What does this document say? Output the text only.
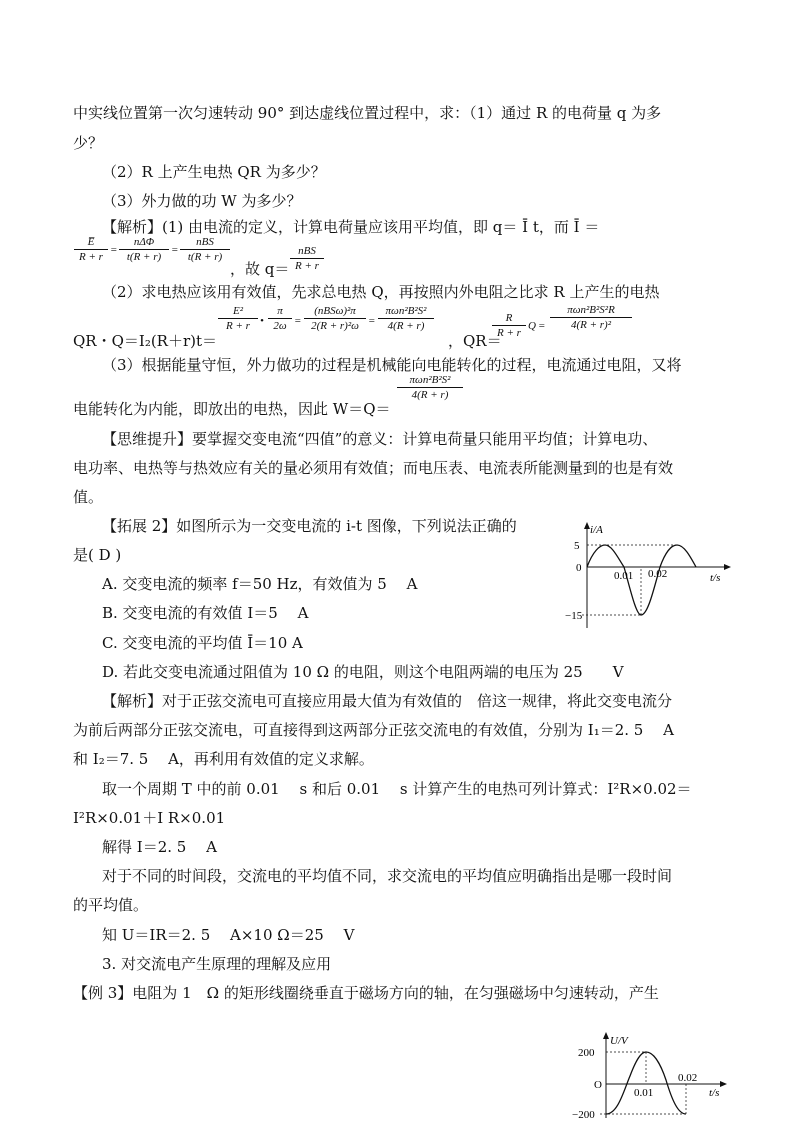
中实线位置第一次匀速转动 90° 到达虚线位置过程中，求：（1）通过 R 的电荷量 q 为多
少？
（2）R 上产生电热 QR 为多少？
（3）外力做的功 W 为多少？
【解析】(1) 由电流的定义，计算电荷量应该用平均值，即 q＝ Ī t，而 Ī ＝
E̅
R + r
=
nΔΦ
t(R + r)
=
nBS
t(R + r)
，故 q＝
nBS
R + r
（2）求电热应该用有效值，先求总电热 Q，再按照内外电阻之比求 R 上产生的电热
QR・Q＝I₂(R＋r)t＝
E²
R + r •
π
2ω =
(nBSω)²π
2(R + r)²ω =
πωn²B²S²
4(R + r)
，QR＝
R
R + r
Q =
πωn²B²S²R
4(R + r)²
（3）根据能量守恒，外力做功的过程是机械能向电能转化的过程，电流通过电阻，又将
电能转化为内能，即放出的电热，因此 W＝Q＝
πωn²B²S²
4(R + r)
【思维提升】要掌握交变电流“四值”的意义：计算电荷量只能用平均值；计算电功、
电功率、电热等与热效应有关的量必须用有效值；而电压表、电流表所能测量到的也是有效
值。
【拓展 2】如图所示为一交变电流的 i-t 图像，下列说法正确的
是( D )
A. 交变电流的频率 f＝50 Hz，有效值为 5　 A
B. 交变电流的有效值 I＝5　 A
C. 交变电流的平均值 Ī＝10 A
D. 若此交变电流通过阻值为 10 Ω 的电阻，则这个电阻两端的电压为 25　　V
【解析】对于正弦交流电可直接应用最大值为有效值的　倍这一规律，将此交变电流分
为前后两部分正弦交流电，可直接得到这两部分正弦交流电的有效值，分别为 I₁＝2. 5　 A
和 I₂＝7. 5　 A，再利用有效值的定义求解。
取一个周期 T 中的前 0.01　 s 和后 0.01　 s 计算产生的电热可列计算式：I²R×0.02＝
I²R×0.01＋I R×0.01
解得 I＝2. 5　 A
对于不同的时间段，交流电的平均值不同，求交流电的平均值应明确指出是哪一段时间
的平均值。
知 U＝IR＝2. 5　 A×10 Ω＝25　 V
3. 对交流电产生原理的理解及应用
【例 3】电阻为 1　Ω 的矩形线圈绕垂直于磁场方向的轴，在匀强磁场中匀速转动，产生
i/A
5
0
−15
0.01 0.02	t/s
U/V
200
O
−200
0.01
0.02
t/s
